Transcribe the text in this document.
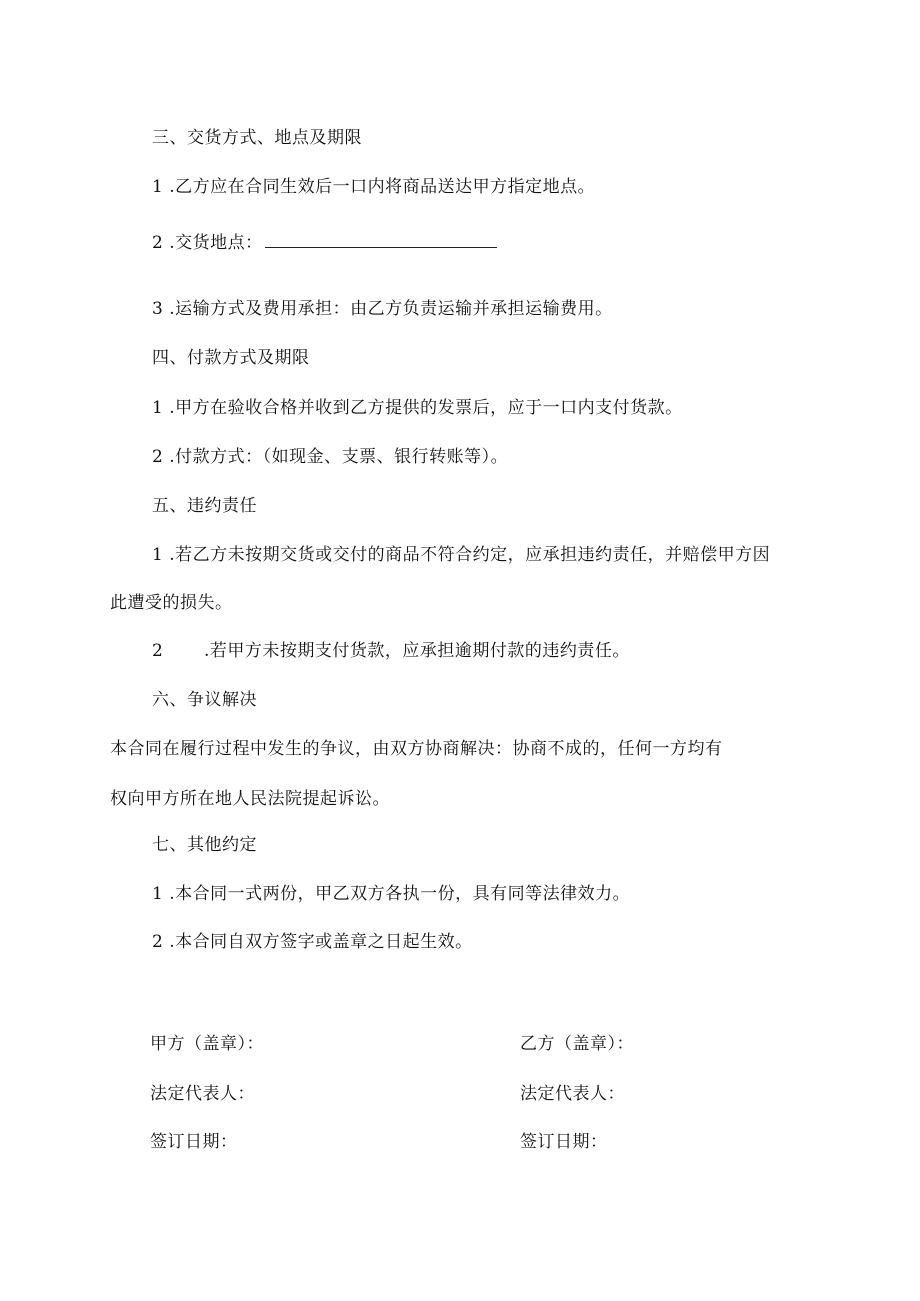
三、交货方式、地点及期限
1 .乙方应在合同生效后一口内将商品送达甲方指定地点。
2 .交货地点：
3 .运输方式及费用承担：由乙方负责运输并承担运输费用。
四、付款方式及期限
1 .甲方在验收合格并收到乙方提供的发票后，应于一口内支付货款。
2 .付款方式：（如现金、支票、银行转账等）。
五、违约责任
1 .若乙方未按期交货或交付的商品不符合约定，应承担违约责任，并赔偿甲方因
此遭受的损失。
2 .若甲方未按期支付货款，应承担逾期付款的违约责任。
六、争议解决
本合同在履行过程中发生的争议，由双方协商解决：协商不成的，任何一方均有
权向甲方所在地人民法院提起诉讼。
七、其他约定
1 .本合同一式两份，甲乙双方各执一份，具有同等法律效力。
2 .本合同自双方签字或盖章之日起生效。
甲方（盖章）：	乙方（盖章）：
法定代表人：	法定代表人：
签订日期：	签订日期：
